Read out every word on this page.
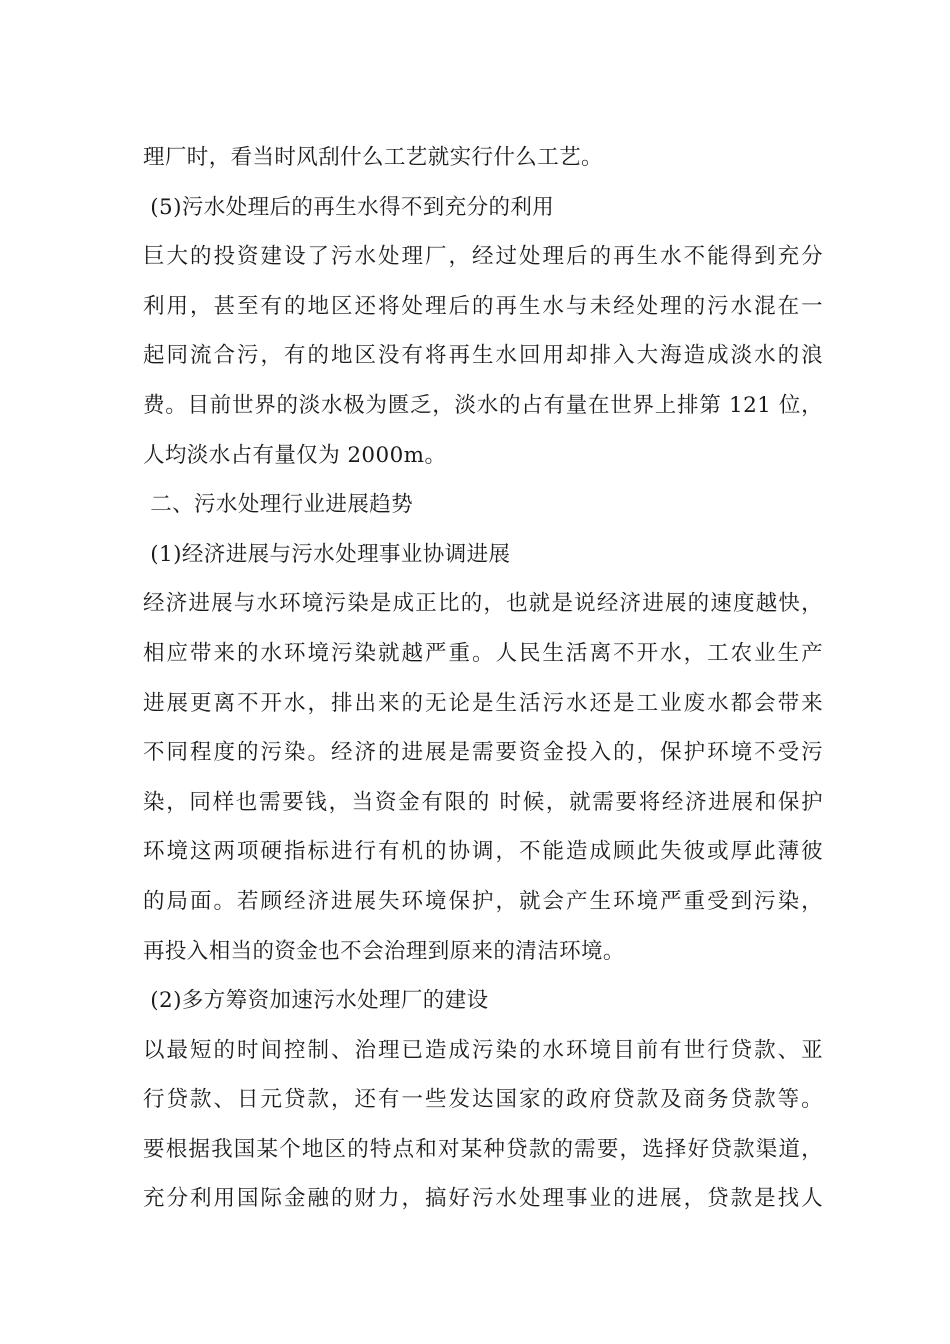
理厂时，看当时风刮什么工艺就实行什么工艺。
(5)污水处理后的再生水得不到充分的利用
巨大的投资建设了污水处理厂，经过处理后的再生水不能得到充分
利用，甚至有的地区还将处理后的再生水与未经处理的污水混在一
起同流合污，有的地区没有将再生水回用却排入大海造成淡水的浪
费。目前世界的淡水极为匮乏，淡水的占有量在世界上排第 121 位，
人均淡水占有量仅为 2000m。
二、污水处理行业进展趋势
(1)经济进展与污水处理事业协调进展
经济进展与水环境污染是成正比的，也就是说经济进展的速度越快，
相应带来的水环境污染就越严重。人民生活离不开水，工农业生产
进展更离不开水，排出来的无论是生活污水还是工业废水都会带来
不同程度的污染。经济的进展是需要资金投入的，保护环境不受污
染，同样也需要钱，当资金有限的 时候，就需要将经济进展和保护
环境这两项硬指标进行有机的协调，不能造成顾此失彼或厚此薄彼
的局面。若顾经济进展失环境保护，就会产生环境严重受到污染，
再投入相当的资金也不会治理到原来的清洁环境。
(2)多方筹资加速污水处理厂的建设
以最短的时间控制、治理已造成污染的水环境目前有世行贷款、亚
行贷款、日元贷款，还有一些发达国家的政府贷款及商务贷款等。
要根据我国某个地区的特点和对某种贷款的需要，选择好贷款渠道，
充分利用国际金融的财力，搞好污水处理事业的进展，贷款是找人
